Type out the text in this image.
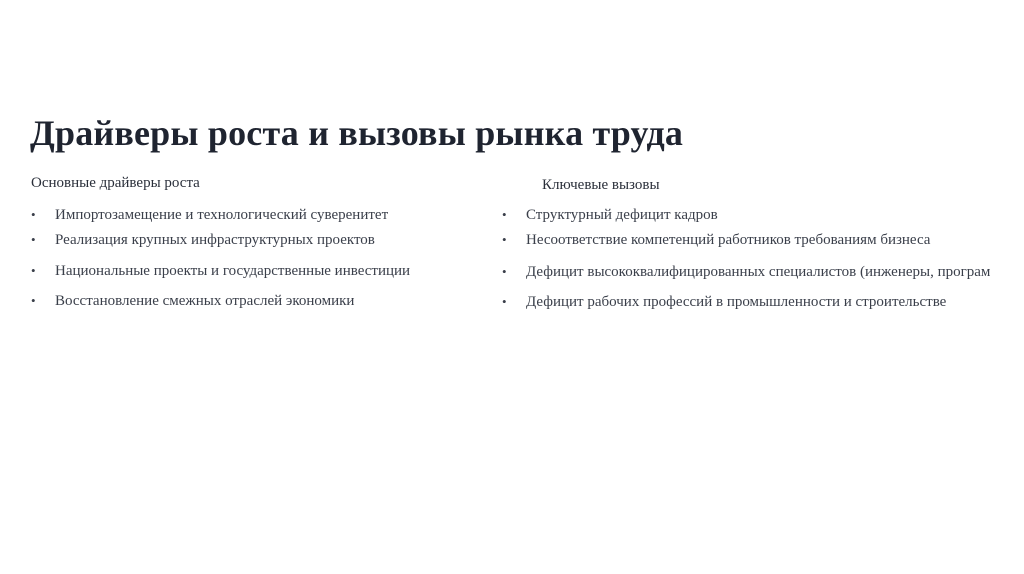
Драйверы роста и вызовы рынка труда
Основные драйверы роста
• Импортозамещение и технологический суверенитет
• Реализация крупных инфраструктурных проектов
• Национальные проекты и государственные инвестиции
• Восстановление смежных отраслей экономики
Ключевые вызовы
• Структурный дефицит кадров
• Несоответствие компетенций работников требованиям бизнеса
• Дефицит высококвалифицированных специалистов (инженеры, програм
• Дефицит рабочих профессий в промышленности и строительстве
